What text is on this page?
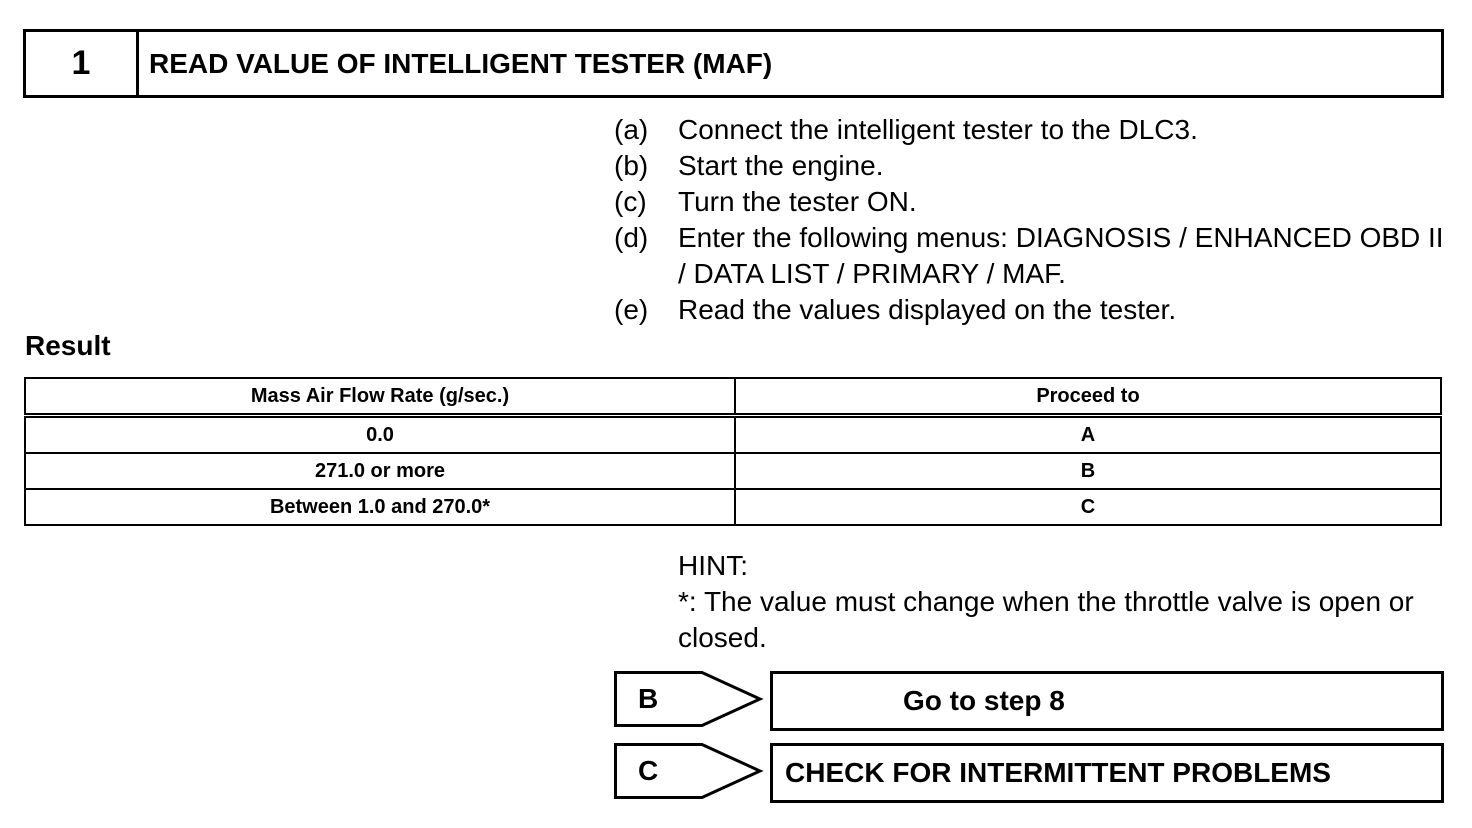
1	READ VALUE OF INTELLIGENT TESTER (MAF)
(a)	Connect the intelligent tester to the DLC3.
(b)	Start the engine.
(c)	Turn the tester ON.
(d)	Enter the following menus: DIAGNOSIS / ENHANCED OBD II / DATA LIST / PRIMARY / MAF.
(e)	Read the values displayed on the tester.
Result
Mass Air Flow Rate (g/sec.)	Proceed to
0.0	A
271.0 or more	B
Between 1.0 and 270.0*	C
HINT:
*: The value must change when the throttle valve is open or closed.
B	Go to step 8
C	CHECK FOR INTERMITTENT PROBLEMS
